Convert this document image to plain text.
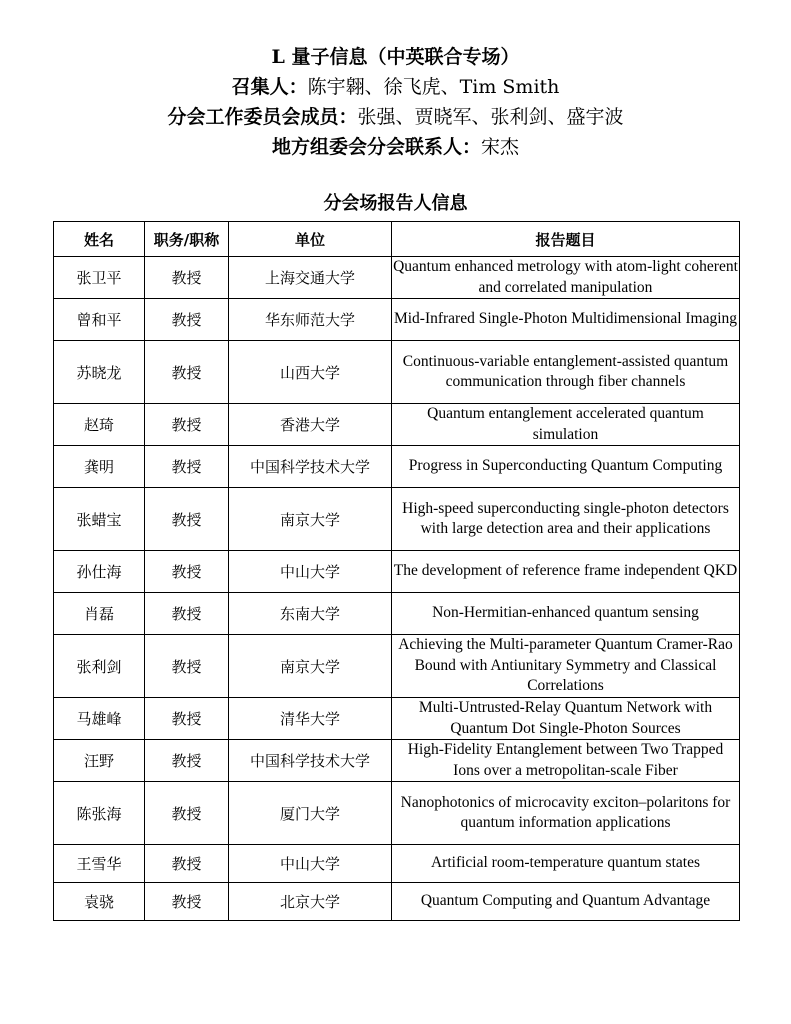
L 量子信息（中英联合专场）
召集人：陈宇翱、徐飞虎、Tim Smith
分会工作委员会成员：张强、贾晓军、张利剑、盛宇波
地方组委会分会联系人：宋杰
分会场报告人信息
姓名	职务/职称	单位	报告题目
张卫平	教授	上海交通大学	Quantum enhanced metrology with atom-light coherent and correlated manipulation
曾和平	教授	华东师范大学	Mid-Infrared Single-Photon Multidimensional Imaging
苏晓龙	教授	山西大学	Continuous-variable entanglement-assisted quantum communication through fiber channels
赵琦	教授	香港大学	Quantum entanglement accelerated quantum simulation
龚明	教授	中国科学技术大学	Progress in Superconducting Quantum Computing
张蜡宝	教授	南京大学	High-speed superconducting single-photon detectors with large detection area and their applications
孙仕海	教授	中山大学	The development of reference frame independent QKD
肖磊	教授	东南大学	Non-Hermitian-enhanced quantum sensing
张利剑	教授	南京大学	Achieving the Multi-parameter Quantum Cramer-Rao Bound with Antiunitary Symmetry and Classical Correlations
马雄峰	教授	清华大学	Multi-Untrusted-Relay Quantum Network with Quantum Dot Single-Photon Sources
汪野	教授	中国科学技术大学	High-Fidelity Entanglement between Two Trapped Ions over a metropolitan-scale Fiber
陈张海	教授	厦门大学	Nanophotonics of microcavity exciton–polaritons for quantum information applications
王雪华	教授	中山大学	Artificial room-temperature quantum states
袁骁	教授	北京大学	Quantum Computing and Quantum Advantage
